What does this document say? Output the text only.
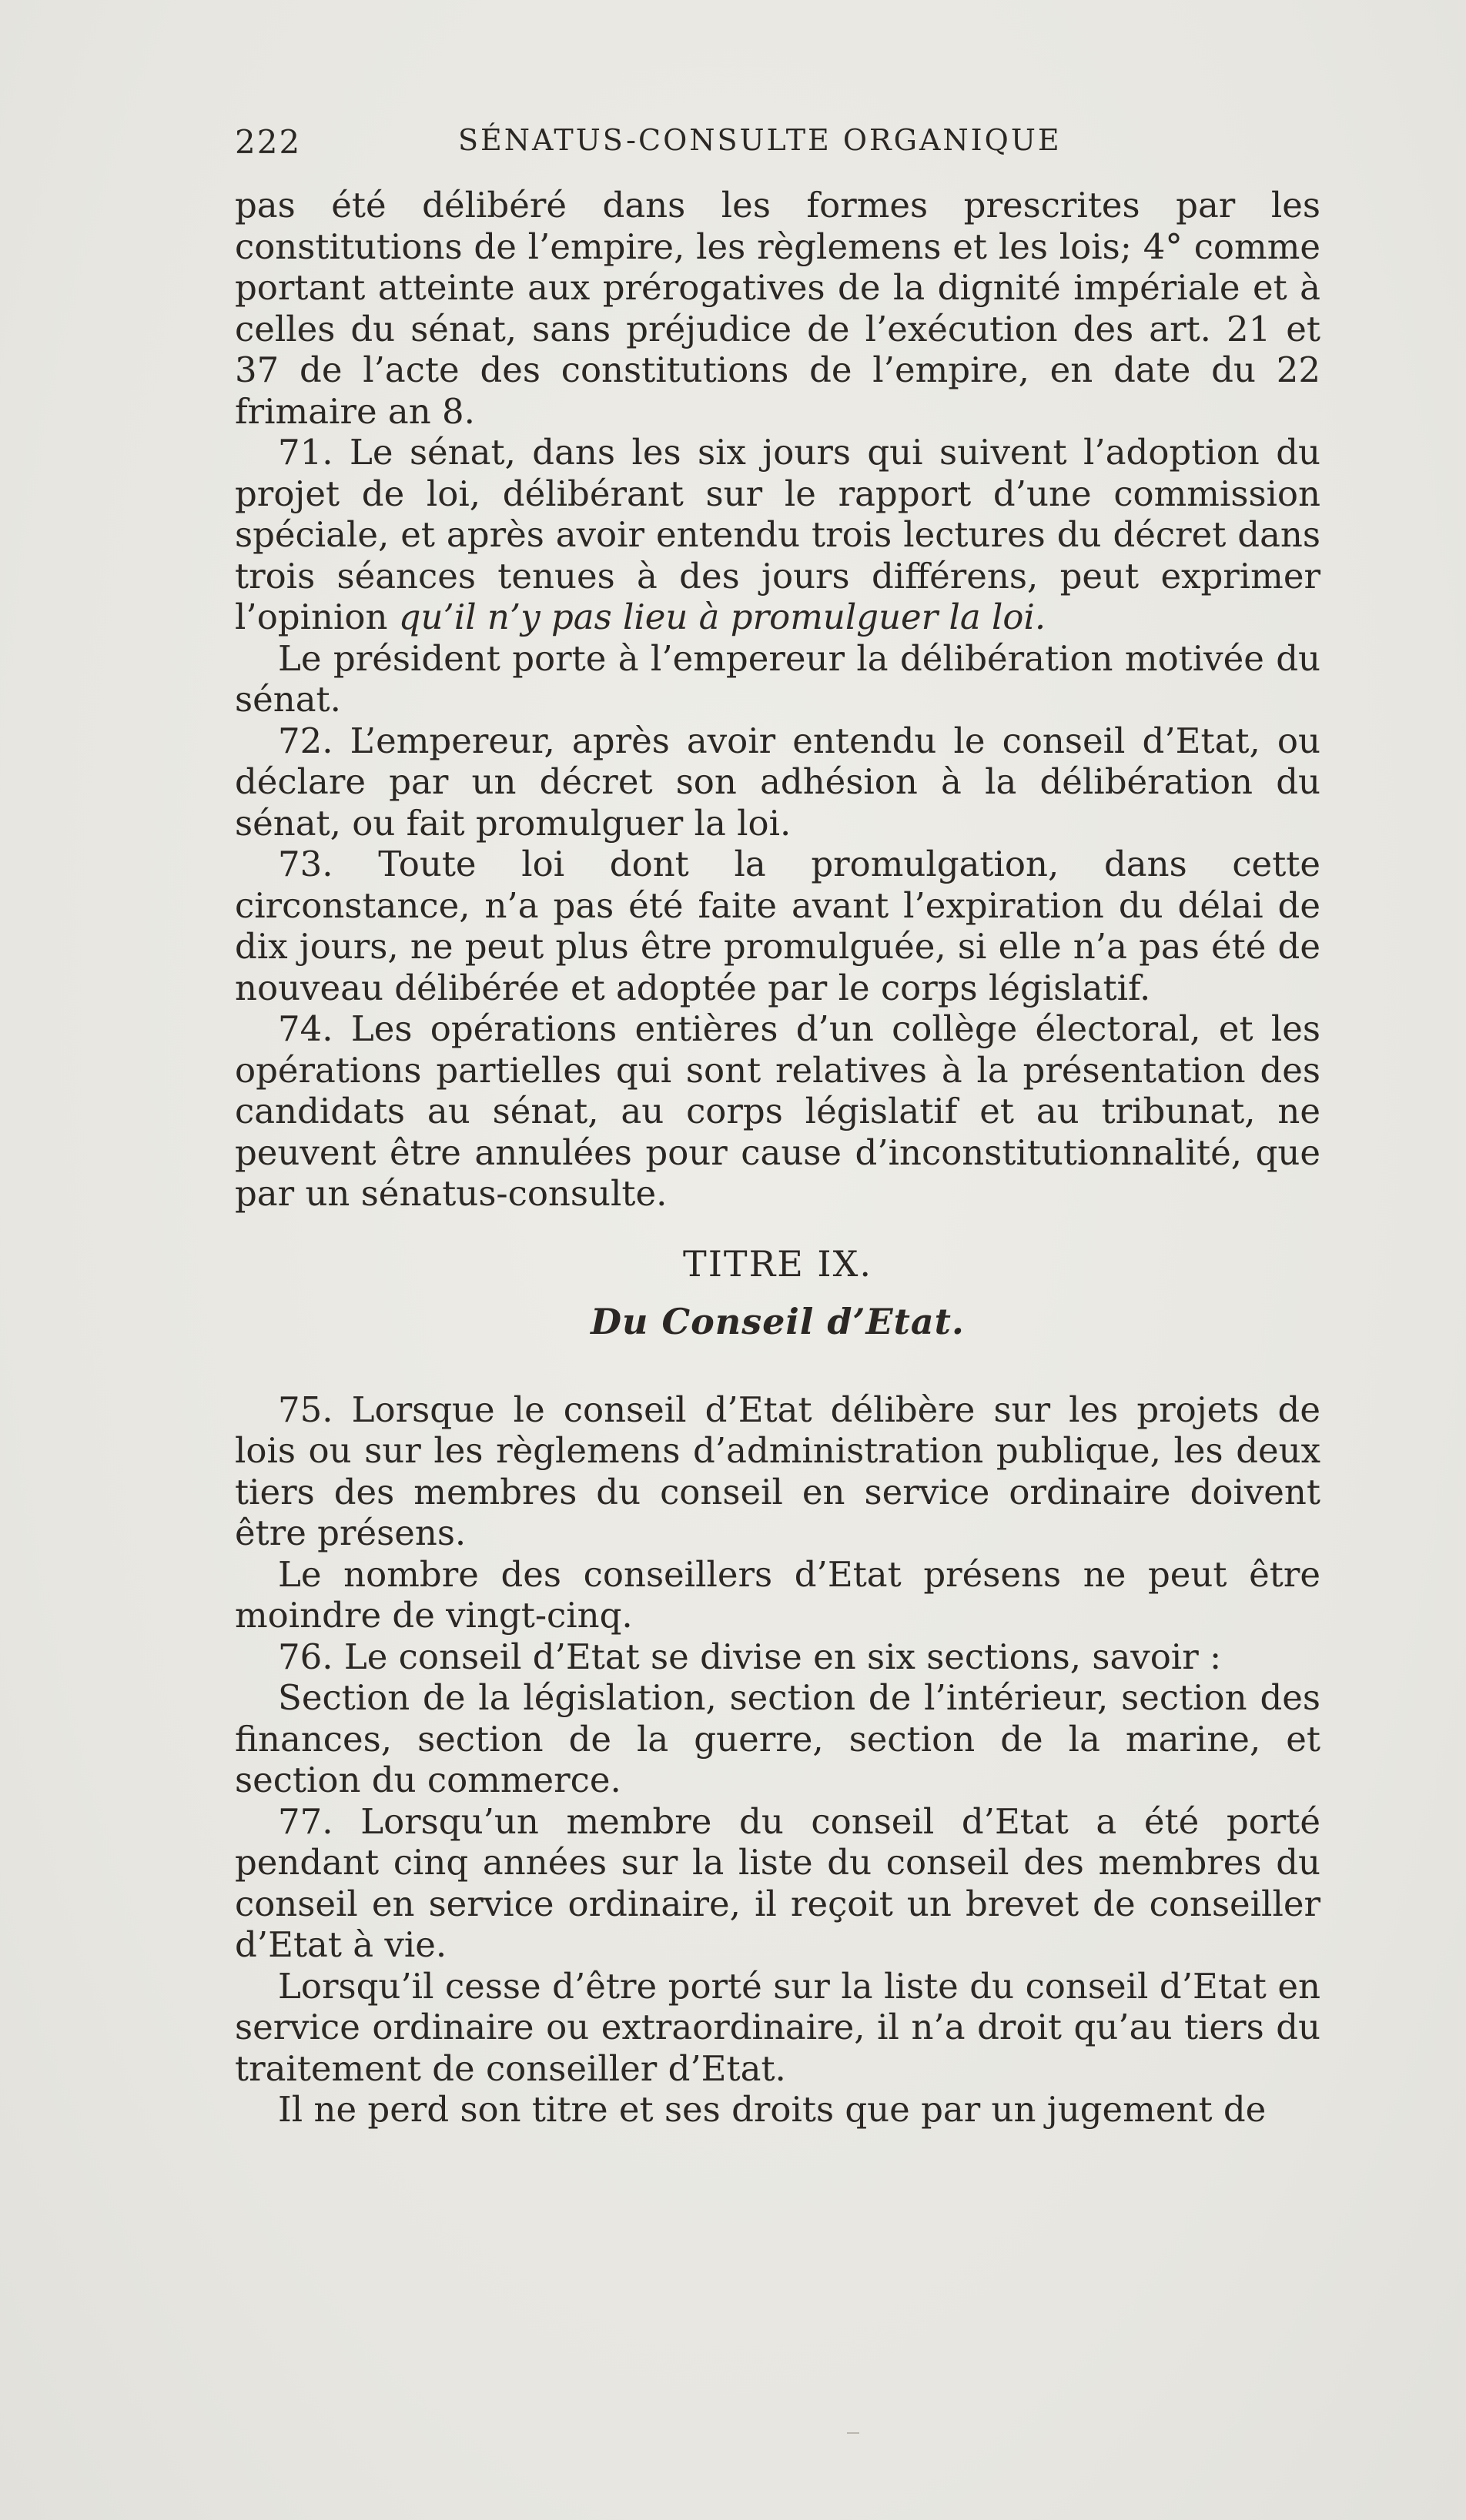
222	SÉNATUS-CONSULTE ORGANIQUE

pas été délibéré dans les formes prescrites par les constitutions de l’empire, les règlemens et les lois; 4° comme portant atteinte aux prérogatives de la dignité impériale et à celles du sénat, sans préjudice de l’exécution des art. 21 et 37 de l’acte des constitutions de l’empire, en date du 22 frimaire an 8.

71. Le sénat, dans les six jours qui suivent l’adoption du projet de loi, délibérant sur le rapport d’une commission spéciale, et après avoir entendu trois lectures du décret dans trois séances tenues à des jours différens, peut exprimer l’opinion qu’il n’y pas lieu à promulguer la loi.

Le président porte à l’empereur la délibération motivée du sénat.

72. L’empereur, après avoir entendu le conseil d’Etat, ou déclare par un décret son adhésion à la délibération du sénat, ou fait promulguer la loi.

73. Toute loi dont la promulgation, dans cette circonstance, n’a pas été faite avant l’expiration du délai de dix jours, ne peut plus être promulguée, si elle n’a pas été de nouveau délibérée et adoptée par le corps législatif.

74. Les opérations entières d’un collège électoral, et les opérations partielles qui sont relatives à la présentation des candidats au sénat, au corps législatif et au tribunat, ne peuvent être annulées pour cause d’inconstitutionnalité, que par un sénatus-consulte.

TITRE IX.

Du Conseil d’Etat.

75. Lorsque le conseil d’Etat délibère sur les projets de lois ou sur les règlemens d’administration publique, les deux tiers des membres du conseil en service ordinaire doivent être présens.

Le nombre des conseillers d’Etat présens ne peut être moindre de vingt-cinq.

76. Le conseil d’Etat se divise en six sections, savoir :

Section de la législation, section de l’intérieur, section des finances, section de la guerre, section de la marine, et section du commerce.

77. Lorsqu’un membre du conseil d’Etat a été porté pendant cinq années sur la liste du conseil des membres du conseil en service ordinaire, il reçoit un brevet de conseiller d’Etat à vie.

Lorsqu’il cesse d’être porté sur la liste du conseil d’Etat en service ordinaire ou extraordinaire, il n’a droit qu’au tiers du traitement de conseiller d’Etat.

Il ne perd son titre et ses droits que par un jugement de
